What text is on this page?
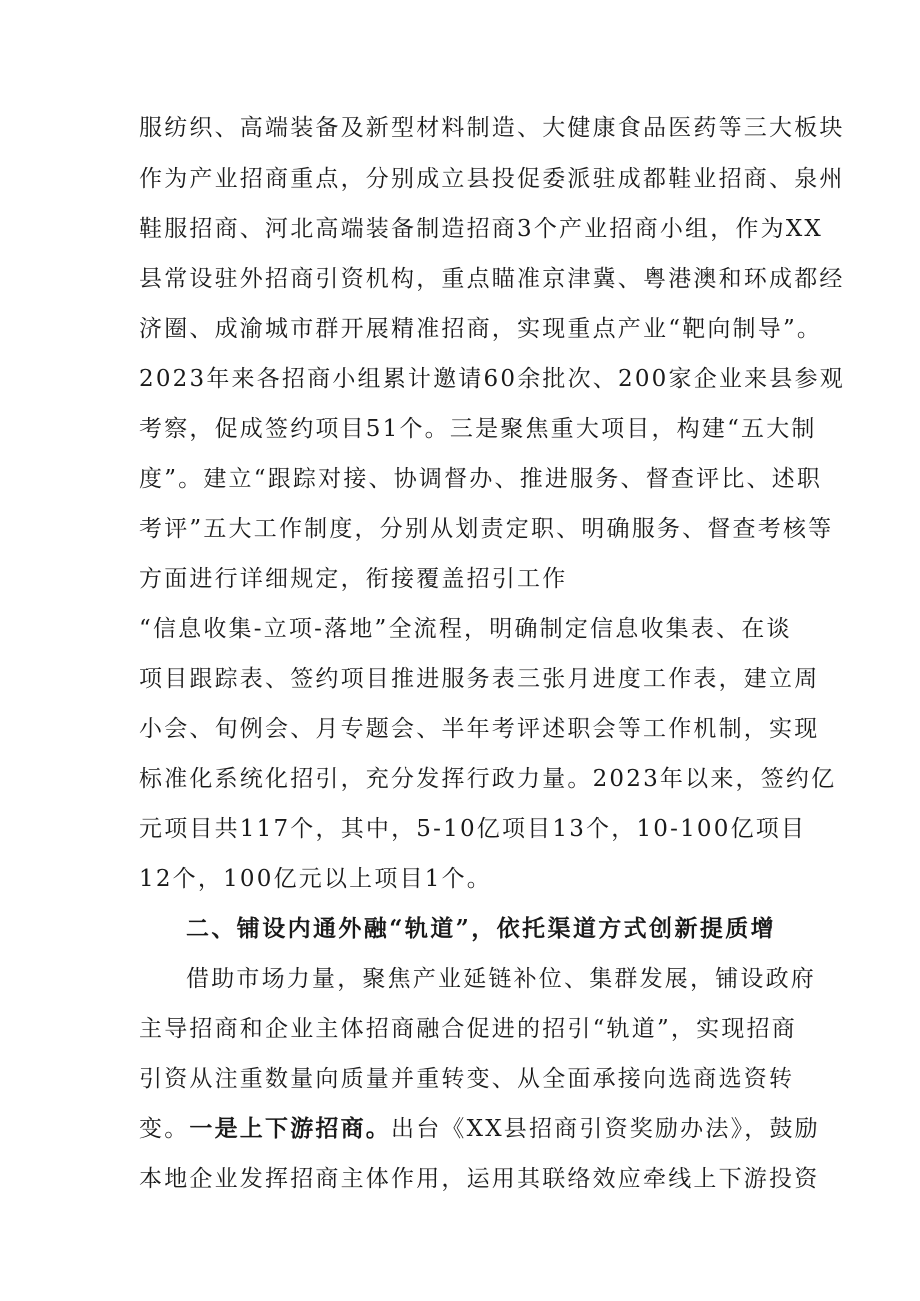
服纺织、高端装备及新型材料制造、大健康食品医药等三大板块
作为产业招商重点，分别成立县投促委派驻成都鞋业招商、泉州
鞋服招商、河北高端装备制造招商3个产业招商小组，作为XX
县常设驻外招商引资机构，重点瞄准京津冀、粤港澳和环成都经
济圈、成渝城市群开展精准招商，实现重点产业“靶向制导”。
2023年来各招商小组累计邀请60余批次、200家企业来县参观
考察，促成签约项目51个。三是聚焦重大项目，构建“五大制
度”。建立“跟踪对接、协调督办、推进服务、督查评比、述职
考评”五大工作制度，分别从划责定职、明确服务、督查考核等
方面进行详细规定，衔接覆盖招引工作
“信息收集-立项-落地”全流程，明确制定信息收集表、在谈
项目跟踪表、签约项目推进服务表三张月进度工作表，建立周
小会、旬例会、月专题会、半年考评述职会等工作机制，实现
标准化系统化招引，充分发挥行政力量。2023年以来，签约亿
元项目共117个，其中，5-10亿项目13个，10-100亿项目
12个，100亿元以上项目1个。
二、铺设内通外融“轨道”，依托渠道方式创新提质增
借助市场力量，聚焦产业延链补位、集群发展，铺设政府
主导招商和企业主体招商融合促进的招引“轨道”，实现招商
引资从注重数量向质量并重转变、从全面承接向选商选资转
变。一是上下游招商。出台《XX县招商引资奖励办法》，鼓励
本地企业发挥招商主体作用，运用其联络效应牵线上下游投资
